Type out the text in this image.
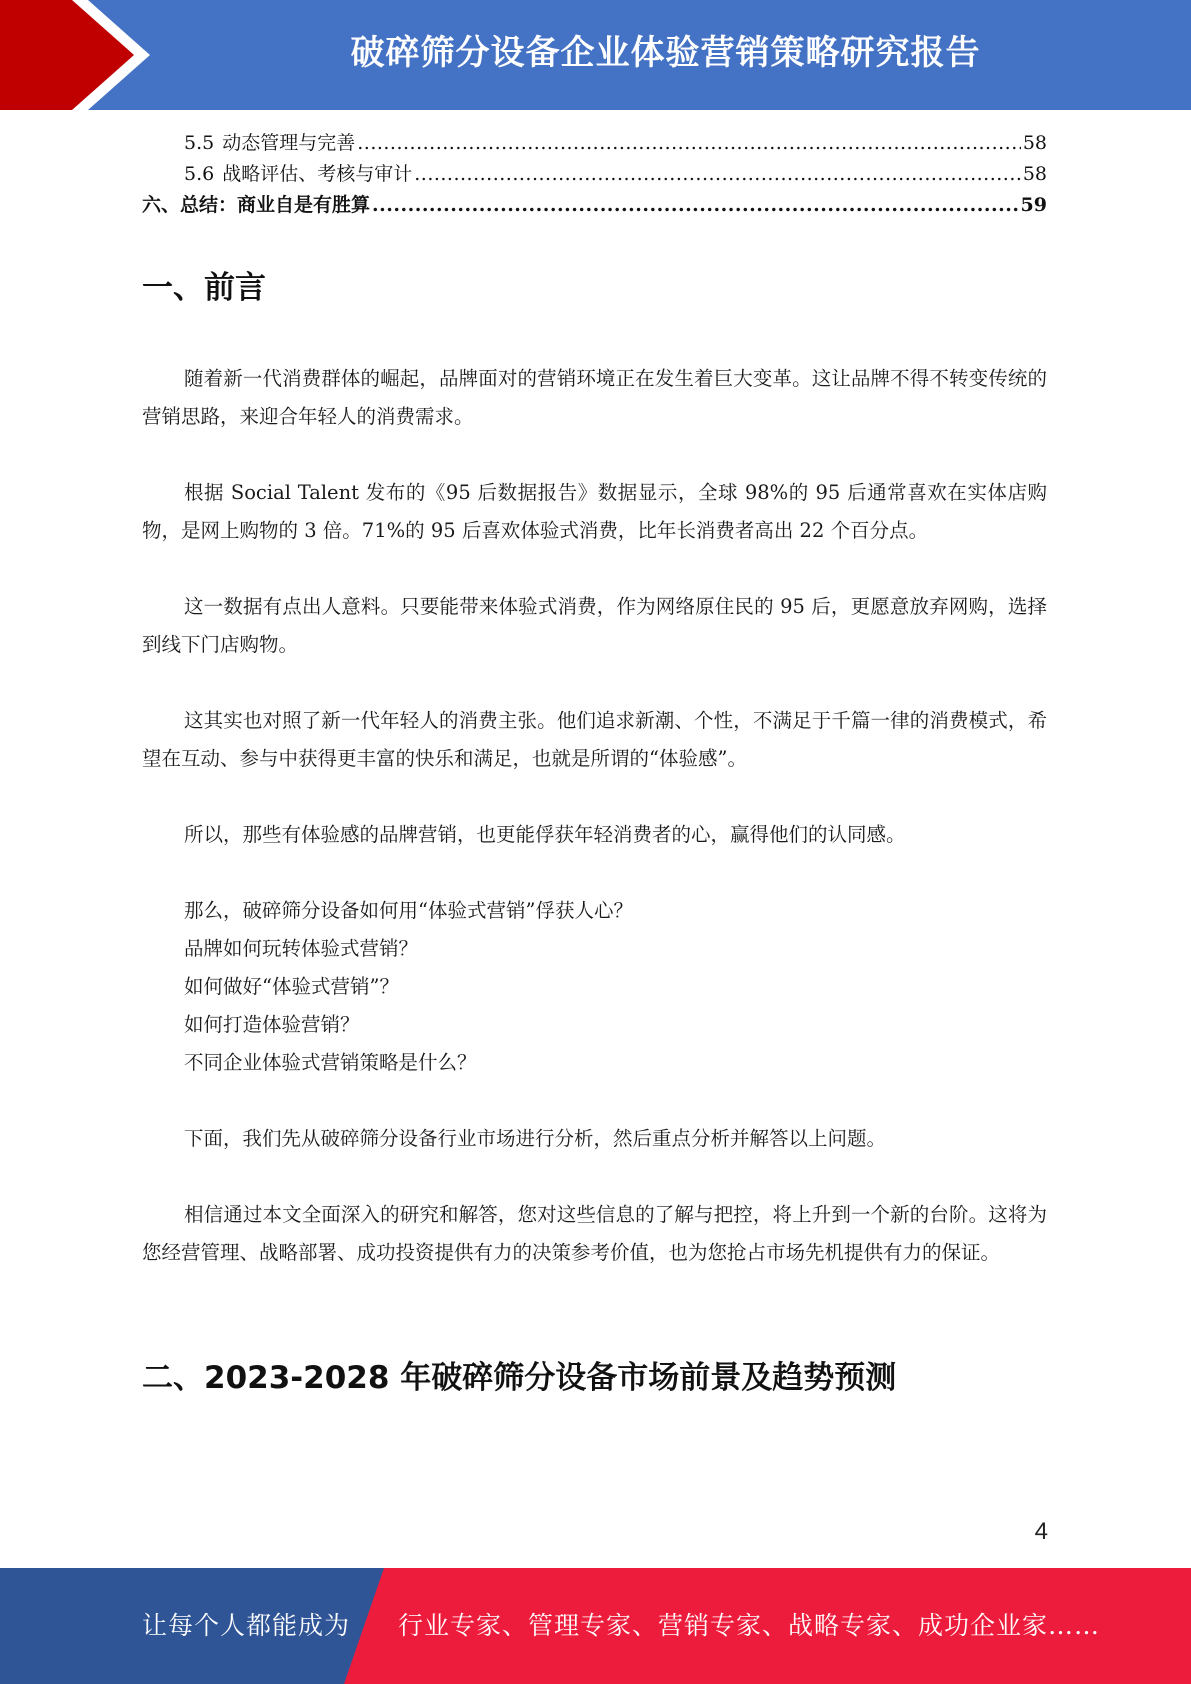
破碎筛分设备企业体验营销策略研究报告
5.5 动态管理与完善 .....	58
5.6 战略评估、考核与审计 .....	58
六、总结：商业自是有胜算 .....	59
一、前言

随着新一代消费群体的崛起，品牌面对的营销环境正在发生着巨大变革。这让品牌不得不转变传统的营销思路，来迎合年轻人的消费需求。

根据 Social Talent 发布的《95 后数据报告》数据显示，全球 98%的 95 后通常喜欢在实体店购物，是网上购物的 3 倍。71%的 95 后喜欢体验式消费，比年长消费者高出 22 个百分点。

这一数据有点出人意料。只要能带来体验式消费，作为网络原住民的 95 后，更愿意放弃网购，选择到线下门店购物。

这其实也对照了新一代年轻人的消费主张。他们追求新潮、个性，不满足于千篇一律的消费模式，希望在互动、参与中获得更丰富的快乐和满足，也就是所谓的“体验感”。

所以，那些有体验感的品牌营销，也更能俘获年轻消费者的心，赢得他们的认同感。

那么，破碎筛分设备如何用“体验式营销”俘获人心？

品牌如何玩转体验式营销？

如何做好“体验式营销”？

如何打造体验营销？

不同企业体验式营销策略是什么？

下面，我们先从破碎筛分设备行业市场进行分析，然后重点分析并解答以上问题。

相信通过本文全面深入的研究和解答，您对这些信息的了解与把控，将上升到一个新的台阶。这将为您经营管理、战略部署、成功投资提供有力的决策参考价值，也为您抢占市场先机提供有力的保证。

二、2023-2028 年破碎筛分设备市场前景及趋势预测
4
让每个人都能成为 行业专家、管理专家、营销专家、战略专家、成功企业家……
